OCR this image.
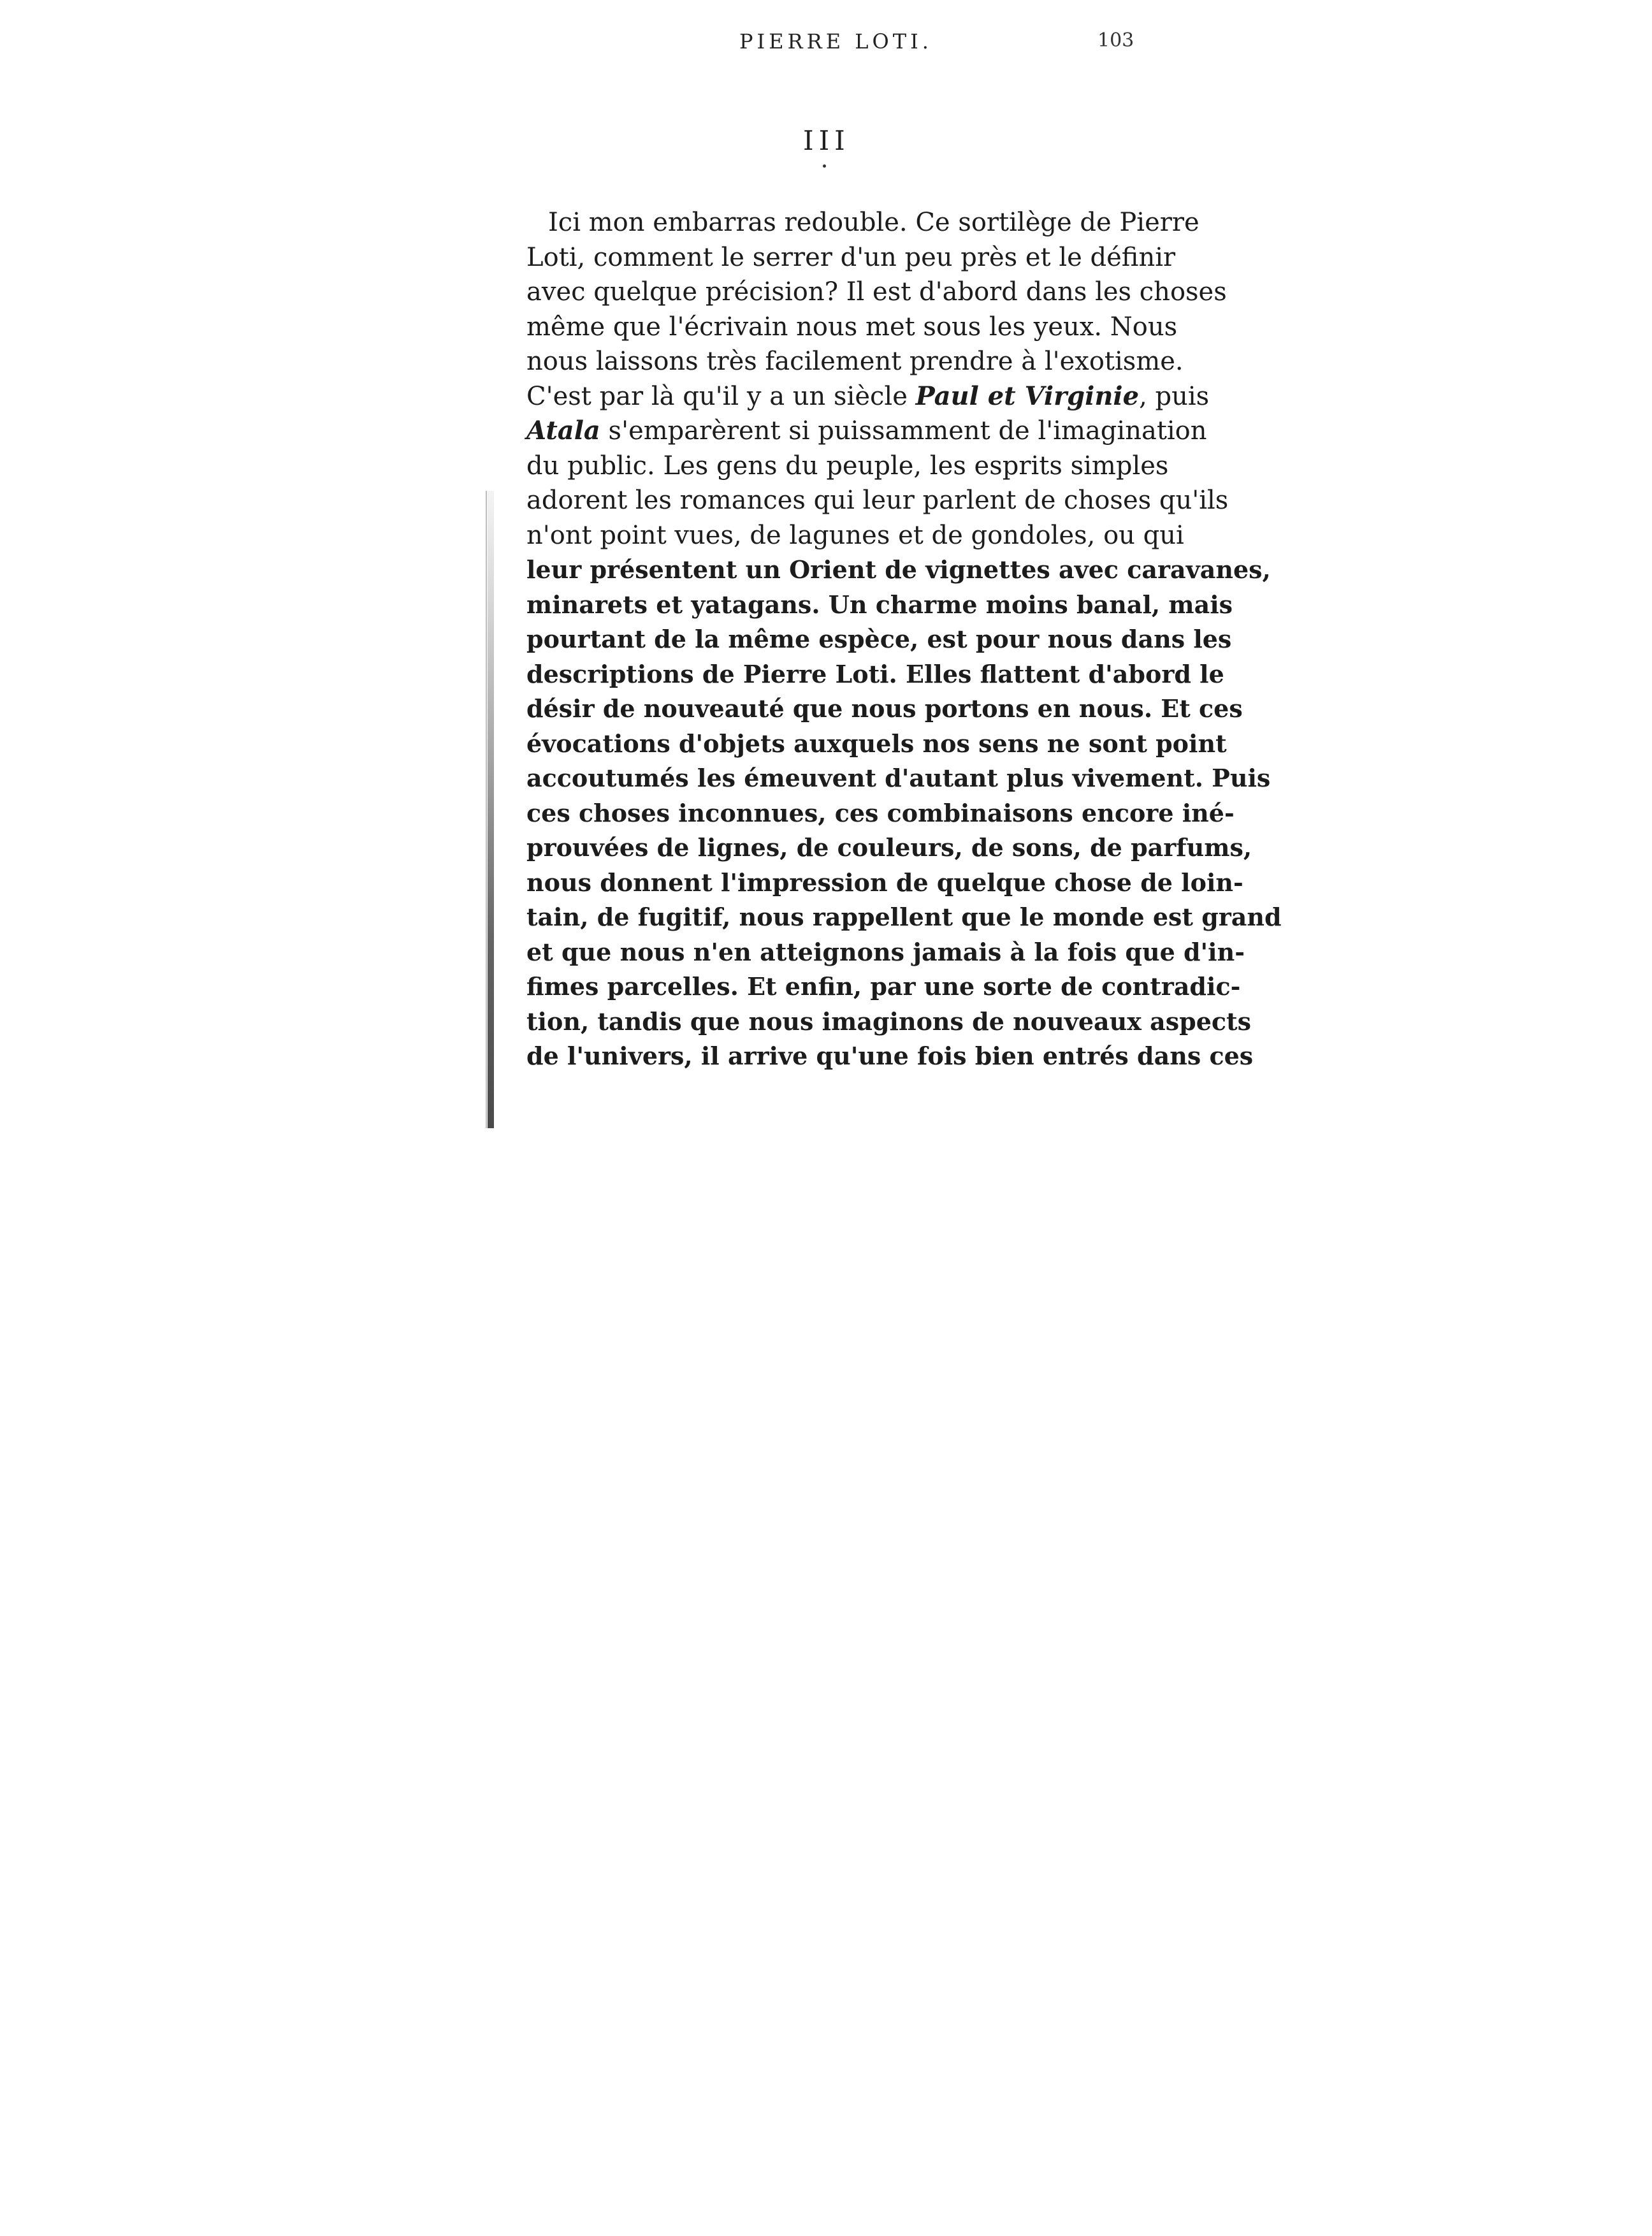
PIERRE LOTI.	103
III
Ici mon embarras redouble. Ce sortilège de Pierre
Loti, comment le serrer d'un peu près et le définir
avec quelque précision? Il est d'abord dans les choses
même que l'écrivain nous met sous les yeux. Nous
nous laissons très facilement prendre à l'exotisme.
C'est par là qu'il y a un siècle Paul et Virginie, puis
Atala s'emparèrent si puissamment de l'imagination
du public. Les gens du peuple, les esprits simples
adorent les romances qui leur parlent de choses qu'ils
n'ont point vues, de lagunes et de gondoles, ou qui
leur présentent un Orient de vignettes avec caravanes,
minarets et yatagans. Un charme moins banal, mais
pourtant de la même espèce, est pour nous dans les
descriptions de Pierre Loti. Elles flattent d'abord le
désir de nouveauté que nous portons en nous. Et ces
évocations d'objets auxquels nos sens ne sont point
accoutumés les émeuvent d'autant plus vivement. Puis
ces choses inconnues, ces combinaisons encore iné-
prouvées de lignes, de couleurs, de sons, de parfums,
nous donnent l'impression de quelque chose de loin-
tain, de fugitif, nous rappellent que le monde est grand
et que nous n'en atteignons jamais à la fois que d'in-
fimes parcelles. Et enfin, par une sorte de contradic-
tion, tandis que nous imaginons de nouveaux aspects
de l'univers, il arrive qu'une fois bien entrés dans ces
